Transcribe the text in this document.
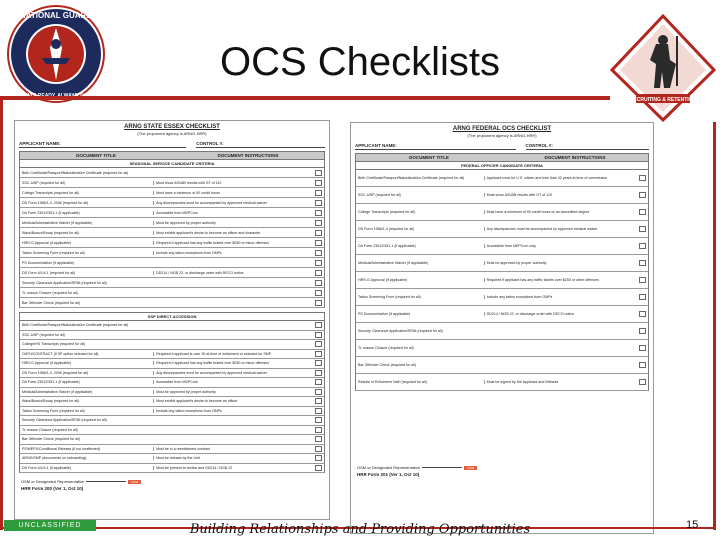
NATIONAL GUARD
RECRUITING & RETENTION
OCS Checklists
ARNG STATE ESSEX CHECKLIST
(The proponent agency is ARNG-HRR)
APPLICANT NAME:	CONTROL #:
DOCUMENT TITLE	DOCUMENT INSTRUCTIONS
SEASONAL SERVICE CANDIDATE CRITERIA
Birth Certificate/Passport/Naturalization Certificate (required for all)
SSC-4/DP (required for all)	Must show ASVAB results with GT of 110
College Transcripts (required for all)	Must have a minimum of 90 credit hours
DD Form 1966/1-4, 2006 (required for all)	Any discrepancies must be accompanied by approved medical waiver
DA Form 2351/2351-1 (if applicable)	Accessible from MEPCom
Medical/Administrative Waiver (if applicable)	Must be approved by proper authority
Wavs/Bonus/Essay (required for all)	Must exhibit applicant's desire to become an officer and character
HRR-G Approval (if applicable)	Required if applicant has any traffic tickets over $250 or minor offenses
Tattoo Screening Form (required for all)	Include any tattoo exceptions from OMPs
PS Documentation (if applicable)
DD Form 4/1/4-1 (required for all)	DD214 / NGB 22, or discharge order with RECO notice
Security Clearance Application/SF86 (required for all)
TL reason Closure (required for all)
Bar Offender Check (required for all)
SSP DIRECT ACCESSION
Birth Certificate/Passport/Naturalization Certificate (required for all)
SSC-4/DP (required for all)
College/HS Transcripts (required for all)
OATH/CONTRACT (if SP option selected for all)	Required if applicant is over 30 at time of enlistment or selected for SMP
HRR-G Approval (if applicable)	Required if applicant has any traffic tickets over $250 or minor offenses
DD Form 1966/1-4, 2006 (required for all)	Any discrepancies must be accompanied by approved medical waiver
DA Form 2351/2351-1 (if applicable)	Accessible from MEPCom
Medical/Administrative Waiver (if applicable)	Must be approved by proper authority
Wavs/Bonus/Essay (required for all)	Must exhibit applicant's desire to become an officer
Tattoo Screening Form (required for all)	Include any tattoo exceptions from OMPs
Security Clearance Application/SF86 (required for all)
TL reason Closure (required for all)
Bar Offender Check (required for all)
PS/MEPS/Conditional Release (if not unaffected)	Must be in a reenlistment contract
ARNG/SMP (documents on onboarding)	Must be release by the Unit
DD Form 4/1/4-1 (if applicable)	Must be present to review and DD214 / NGB 22
OSM or Designated Representative	Initial
HRR Form 200 (Ver 1, Oct 10)
ARNG FEDERAL OCS CHECKLIST
(The proponent agency is ARNG-HRR)
APPLICANT NAME:	CONTROL #:
DOCUMENT TITLE	DOCUMENT INSTRUCTIONS
FEDERAL OFFICER CANDIDATE CRITERIA
Birth Certificate/Passport/Naturalization Certificate (required for all)	Applicant must be U.S. citizen and less than 42 years at time of commission
SSC-4/DP (required for all)	Must show ASVAB results with GT of 110
College Transcripts (required for all)	Must have a minimum of 90 credit hours or an accredited degree
DD Form 1966/1-4 (required for all)	Any discrepancies must be accompanied by approved medical waiver
DA Form 2351/2351-1 (if applicable)	Accessible from MEPCom only
Medical/Administrative Waiver (if applicable)	Must be approved by proper authority
HRR-G Approval (if applicable)	Required if applicant has any traffic tickets over $250 or other offenses
Tattoo Screening Form (required for all)	Include any tattoo exceptions from OMPs
PS Documentation (if applicable)	DD214 / NGB 22, or discharge order with RECO notice
Security Clearance Application/SF86 (required for all)
TL reason Closure (required for all)
Bar Offender Check (required for all)
Results of Enlistment Oath (required for all)	Must be signed by the Applicant and Witness
OSM or Designated Representative	Initial
HRR Form 201 (Ver 1, Oct 10)
UNCLASSIFIED	Building Relationships and Providing Opportunities	15
